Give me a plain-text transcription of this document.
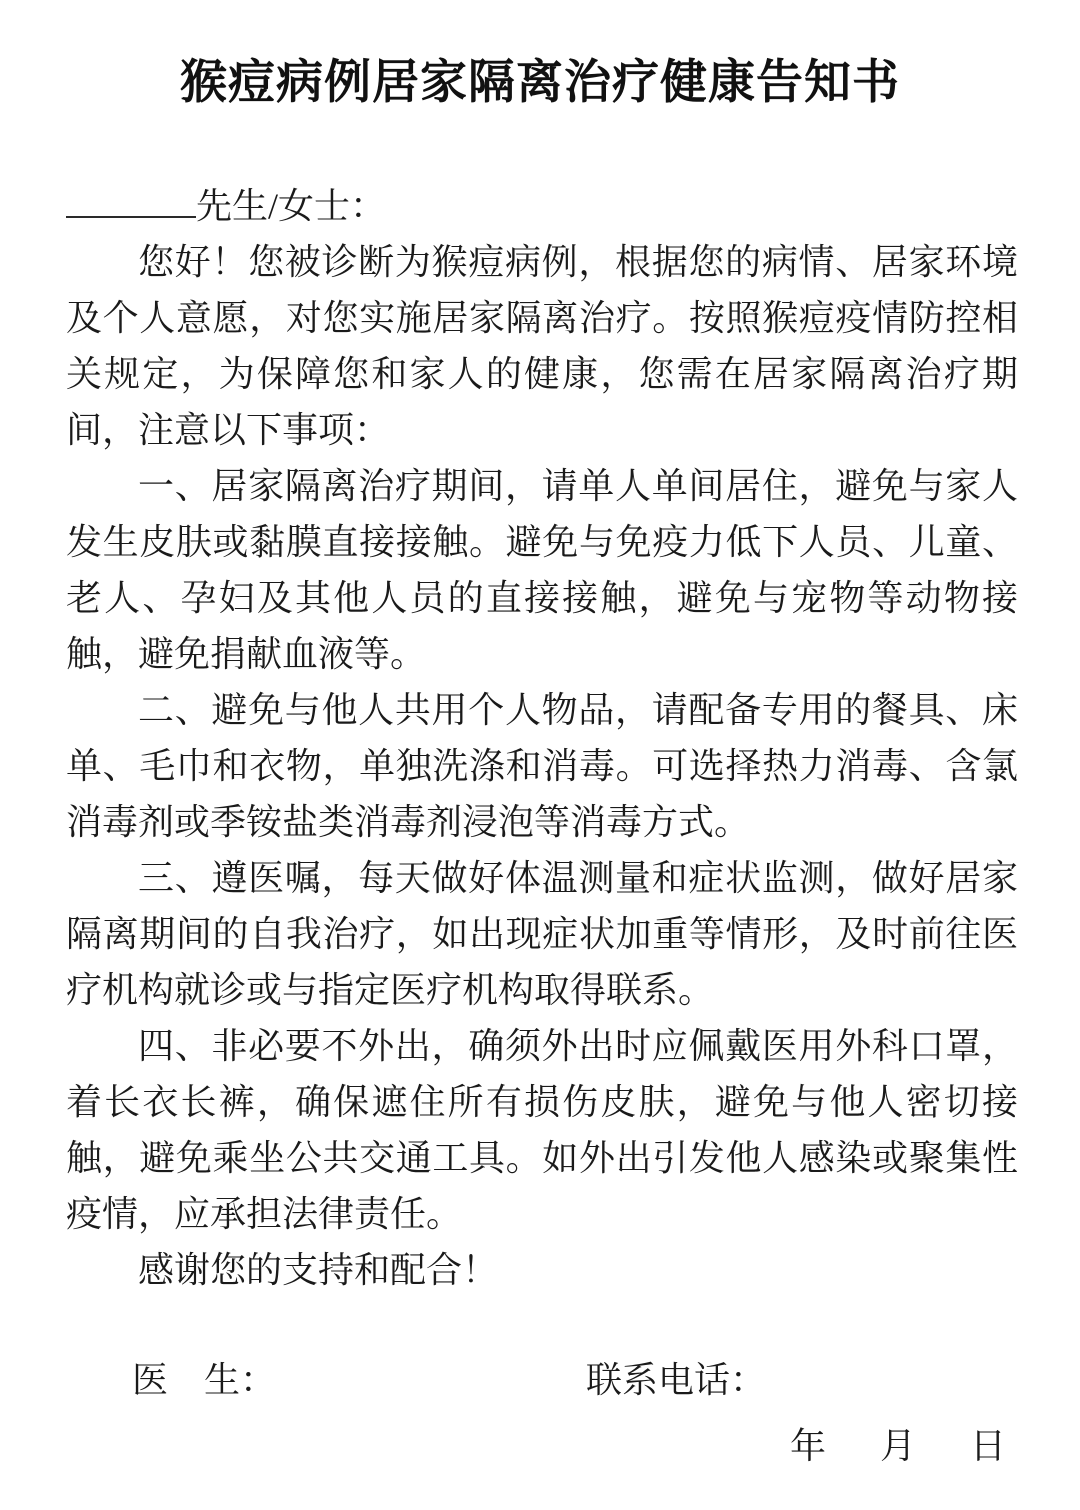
猴痘病例居家隔离治疗健康告知书
先生/女士：

您好！您被诊断为猴痘病例，根据您的病情、居家环境及个人意愿，对您实施居家隔离治疗。按照猴痘疫情防控相关规定，为保障您和家人的健康，您需在居家隔离治疗期间，注意以下事项：

一、居家隔离治疗期间，请单人单间居住，避免与家人发生皮肤或黏膜直接接触。避免与免疫力低下人员、儿童、老人、孕妇及其他人员的直接接触，避免与宠物等动物接触，避免捐献血液等。

二、避免与他人共用个人物品，请配备专用的餐具、床单、毛巾和衣物，单独洗涤和消毒。可选择热力消毒、含氯消毒剂或季铵盐类消毒剂浸泡等消毒方式。

三、遵医嘱，每天做好体温测量和症状监测，做好居家隔离期间的自我治疗，如出现症状加重等情形，及时前往医疗机构就诊或与指定医疗机构取得联系。

四、非必要不外出，确须外出时应佩戴医用外科口罩，着长衣长裤，确保遮住所有损伤皮肤，避免与他人密切接触，避免乘坐公共交通工具。如外出引发他人感染或聚集性疫情，应承担法律责任。

感谢您的支持和配合！

医　生：	联系电话：
年 月 日
